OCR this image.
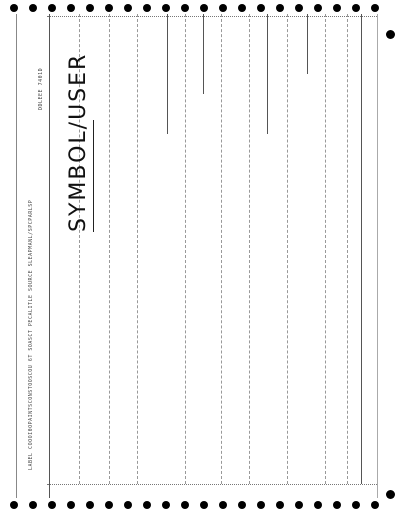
LABEL COOOI0OPAINTSCONSTOOSCOU 6T SOASCT PECALITLE SOURCE SLEAPMANL/SPCPARLSP
DDLEEE 7401D SYMBOL/USER
